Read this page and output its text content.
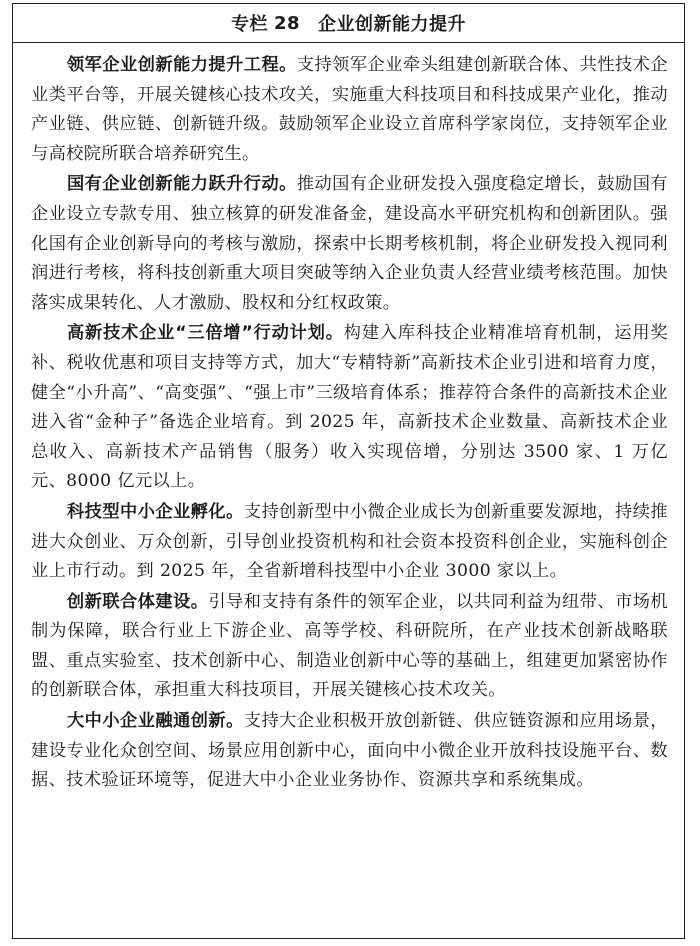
专栏 28 企业创新能力提升

领军企业创新能力提升工程。支持领军企业牵头组建创新联合体、共性技术企业类平台等，开展关键核心技术攻关，实施重大科技项目和科技成果产业化，推动产业链、供应链、创新链升级。鼓励领军企业设立首席科学家岗位，支持领军企业与高校院所联合培养研究生。

国有企业创新能力跃升行动。推动国有企业研发投入强度稳定增长，鼓励国有企业设立专款专用、独立核算的研发准备金，建设高水平研究机构和创新团队。强化国有企业创新导向的考核与激励，探索中长期考核机制，将企业研发投入视同利润进行考核，将科技创新重大项目突破等纳入企业负责人经营业绩考核范围。加快落实成果转化、人才激励、股权和分红权政策。

高新技术企业“三倍增”行动计划。构建入库科技企业精准培育机制，运用奖补、税收优惠和项目支持等方式，加大“专精特新”高新技术企业引进和培育力度，健全“小升高”、“高变强”、“强上市”三级培育体系；推荐符合条件的高新技术企业进入省“金种子”备选企业培育。到 2025 年，高新技术企业数量、高新技术企业总收入、高新技术产品销售（服务）收入实现倍增，分别达 3500 家、1 万亿元、8000 亿元以上。

科技型中小企业孵化。支持创新型中小微企业成长为创新重要发源地，持续推进大众创业、万众创新，引导创业投资机构和社会资本投资科创企业，实施科创企业上市行动。到 2025 年，全省新增科技型中小企业 3000 家以上。

创新联合体建设。引导和支持有条件的领军企业，以共同利益为纽带、市场机制为保障，联合行业上下游企业、高等学校、科研院所，在产业技术创新战略联盟、重点实验室、技术创新中心、制造业创新中心等的基础上，组建更加紧密协作的创新联合体，承担重大科技项目，开展关键核心技术攻关。

大中小企业融通创新。支持大企业积极开放创新链、供应链资源和应用场景，建设专业化众创空间、场景应用创新中心，面向中小微企业开放科技设施平台、数据、技术验证环境等，促进大中小企业业务协作、资源共享和系统集成。
